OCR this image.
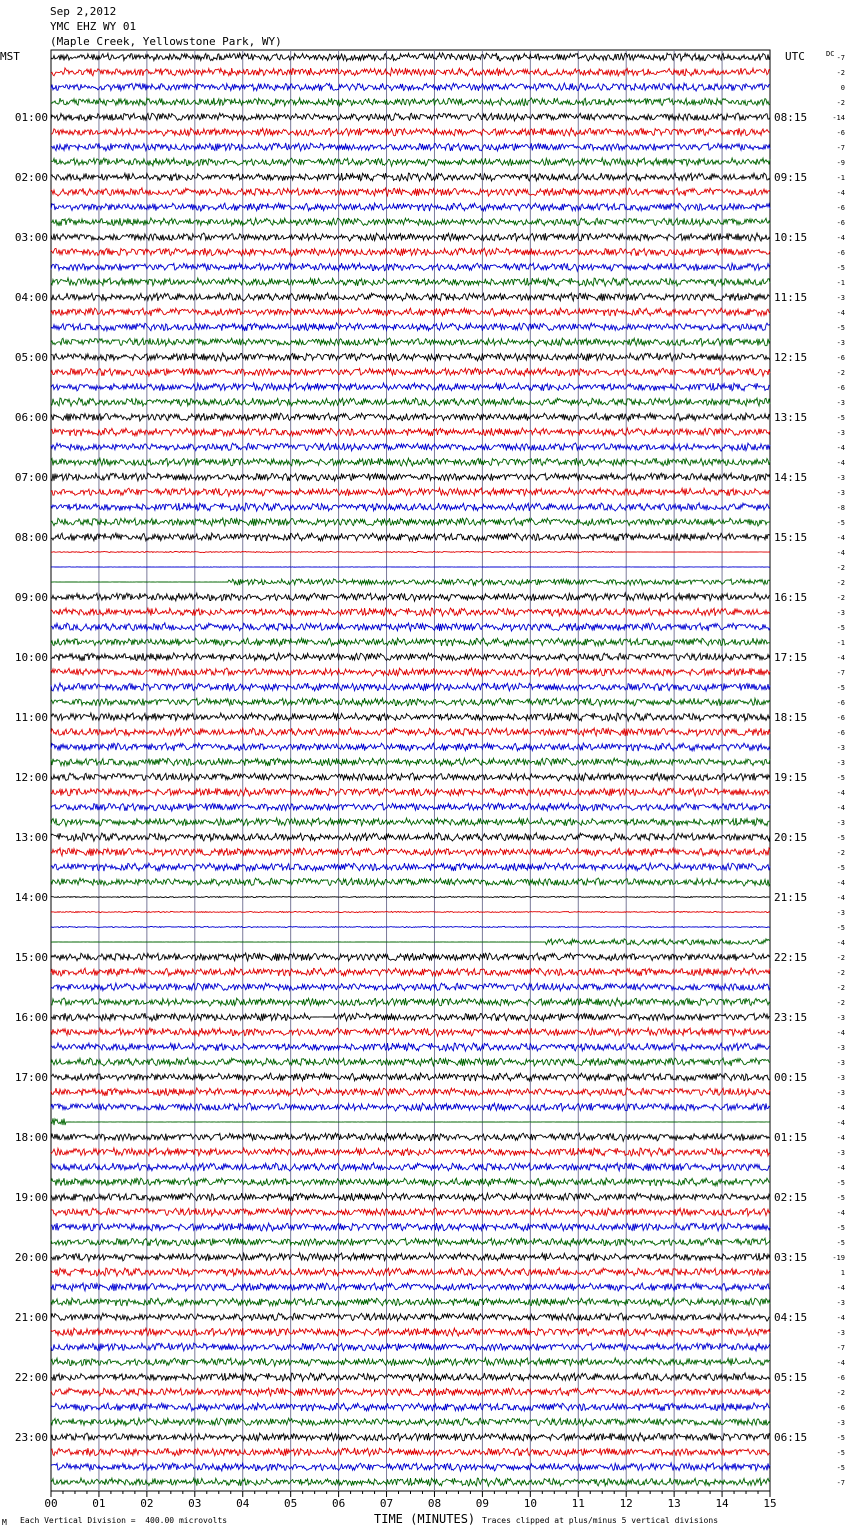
Sep 2,2012
YMC EHZ WY 01
(Maple Creek, Yellowstone Park, WY)
MST	UTC	DC
00	01	02	03	04	05	06	07	08	09	10	11	12	13	14	15
-7
-2
0
-2
-14
-6
-7
-9
-1
-4
-6
-6
-4
-6
-5
-1
-3
-4
-5
-3
-6
-2
-6
-3
-5
-3
-4
-4
-3
-3
-8
-5
-4
-4
-2
-2
-2
-3
-5
-1
-4
-7
-5
-6
-6
-6
-3
-3
-5
-4
-4
-3
-5
-2
-5
-4
-4
-3
-5
-4
-2
-2
-2
-2
-3
-4
-3
-3
-3
-3
-4
-4
-4
-3
-4
-5
-5
-4
-5
-5
-19
1
-4
-3
-4
-3
-7
-4
-6
-2
-6
-3
-5
-5
-5
-7
01:00
02:00
03:00
04:00
05:00
06:00
07:00
08:00
09:00
10:00
11:00
12:00
13:00
14:00
15:00
16:00
17:00
18:00
19:00
20:00
21:00
22:00
23:00
08:15
09:15
10:15
11:15
12:15
13:15
14:15
15:15
16:15
17:15
18:15
19:15
20:15
21:15
22:15
23:15
00:15
01:15
02:15
03:15
04:15
05:15
06:15
M Each Vertical Division =  400.00 microvolts	TIME (MINUTES) Traces clipped at plus/minus 5 vertical divisions
